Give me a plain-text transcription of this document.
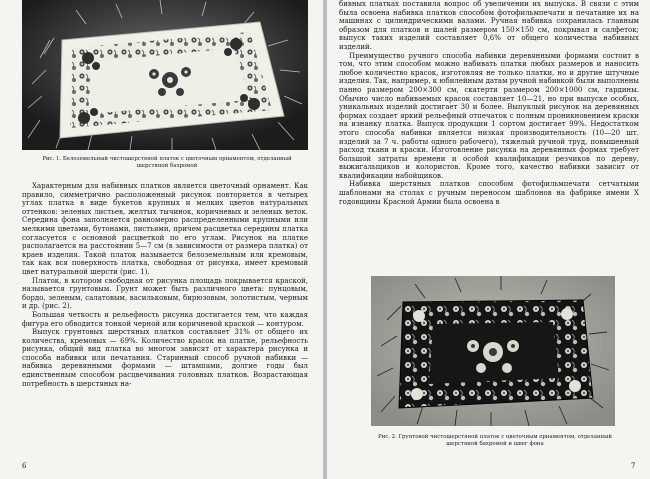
Рис. 1. Белоземельный чистошерстяной платок с цветочным орнаментом, отделанный шерстяной бахромой

Характерным для набивных платков является цветочный орнамент. Как правило, симметрично расположенный рисунок повторяется в четырех углах платка в виде букетов крупных и мелких цветов натуральных оттенков: зеленых листьев, желтых тычинок, коричневых и зеленых веток. Середина фона заполняется равномерно распределенными крупными или мелкими цветами, бутонами, листьями, причем расцветка середины платка согласуется с основной расцветкой по его углам. Рисунок на платке располагается на расстоянии 5—7 см (в зависимости от размера платка) от краев изделия. Такой платок называется белоземельным или кремовым, так как вся поверхность платка, свободная от рисунка, имеет кремовый цвет натуральной шерсти (рис. 1).

Платок, в котором свободная от рисунка площадь покрывается краской, называется грунтовым. Грунт может быть различного цвета: пунцовым, бордо, зеленым, салатовым, васильковым, бирюзовым, золотистым, черным и др. (рис. 2).

Большая четкость и рельефность рисунка достигается тем, что каждая фигура его обводится тонкой черной или коричневой краской — контуром.

Выпуск грунтовых шерстяных платков составляет 31% от общего их количества, кремовых — 69%. Количество красок на платке, рельефность рисунка, общий вид платка во многом зависят от характера рисунка и способа набивки или печатания. Старинный способ ручной набивки — набивка деревянными формами — штампами, долгие годы был единственным способом расцвечивания головных платков. Возрастающая потребность в шерстяных на-

6

бивных платках поставила вопрос об увеличении их выпуска. В связи с этим была освоена набивка платков способом фотофильмпечати и печатание их на машинах с цилиндрическими валами. Ручная набивка сохранилась главным образом для платков и шалей размером 150×150 см, покрывал и салфеток; выпуск таких изделий составляет 0,6% от общего количества набивных изделий.

Преимущество ручного способа набивки деревянными формами состоит в том, что этим способом можно набивать платки любых размеров и наносить любое количество красок, изготовляя не только платки, но и другие штучные изделия. Так, например, к юбилейным датам ручной набивкой были выполнены панно размером 200×300 см, скатерти размером 200×1000 см, гардины. Обычно число набиваемых красок составляет 10—21, но при выпуске особых, уникальных изделий достигает 30 и более. Выпуклый рисунок на деревянных формах создает яркий рельефный отпечаток с полным проникновением краски на изнанку платка. Выпуск продукции 1 сортом достигает 99%. Недостатком этого способа набивки является низкая производительность (10—20 шт. изделий за 7 ч. работы одного рабочего), тяжелый ручной труд, повышенный расход ткани и краски. Изготовление рисунка на деревянных формах требует большой затраты времени и особой квалификации резчиков по дереву, выжигальщиков и колористов. Кроме того, качество набивки зависит от квалификации набойщиков.

Набивка шерстяных платков способом фотофильмпечати сетчатыми шаблонами на столах с ручным переносом шаблонов на фабрике имени Х годовщины Красной Армии была освоена в

Рис. 2. Грунтовой чистошерстяной платок с цветочным орнаментом, отделанный шерстяной бахромой и швег фона
7
